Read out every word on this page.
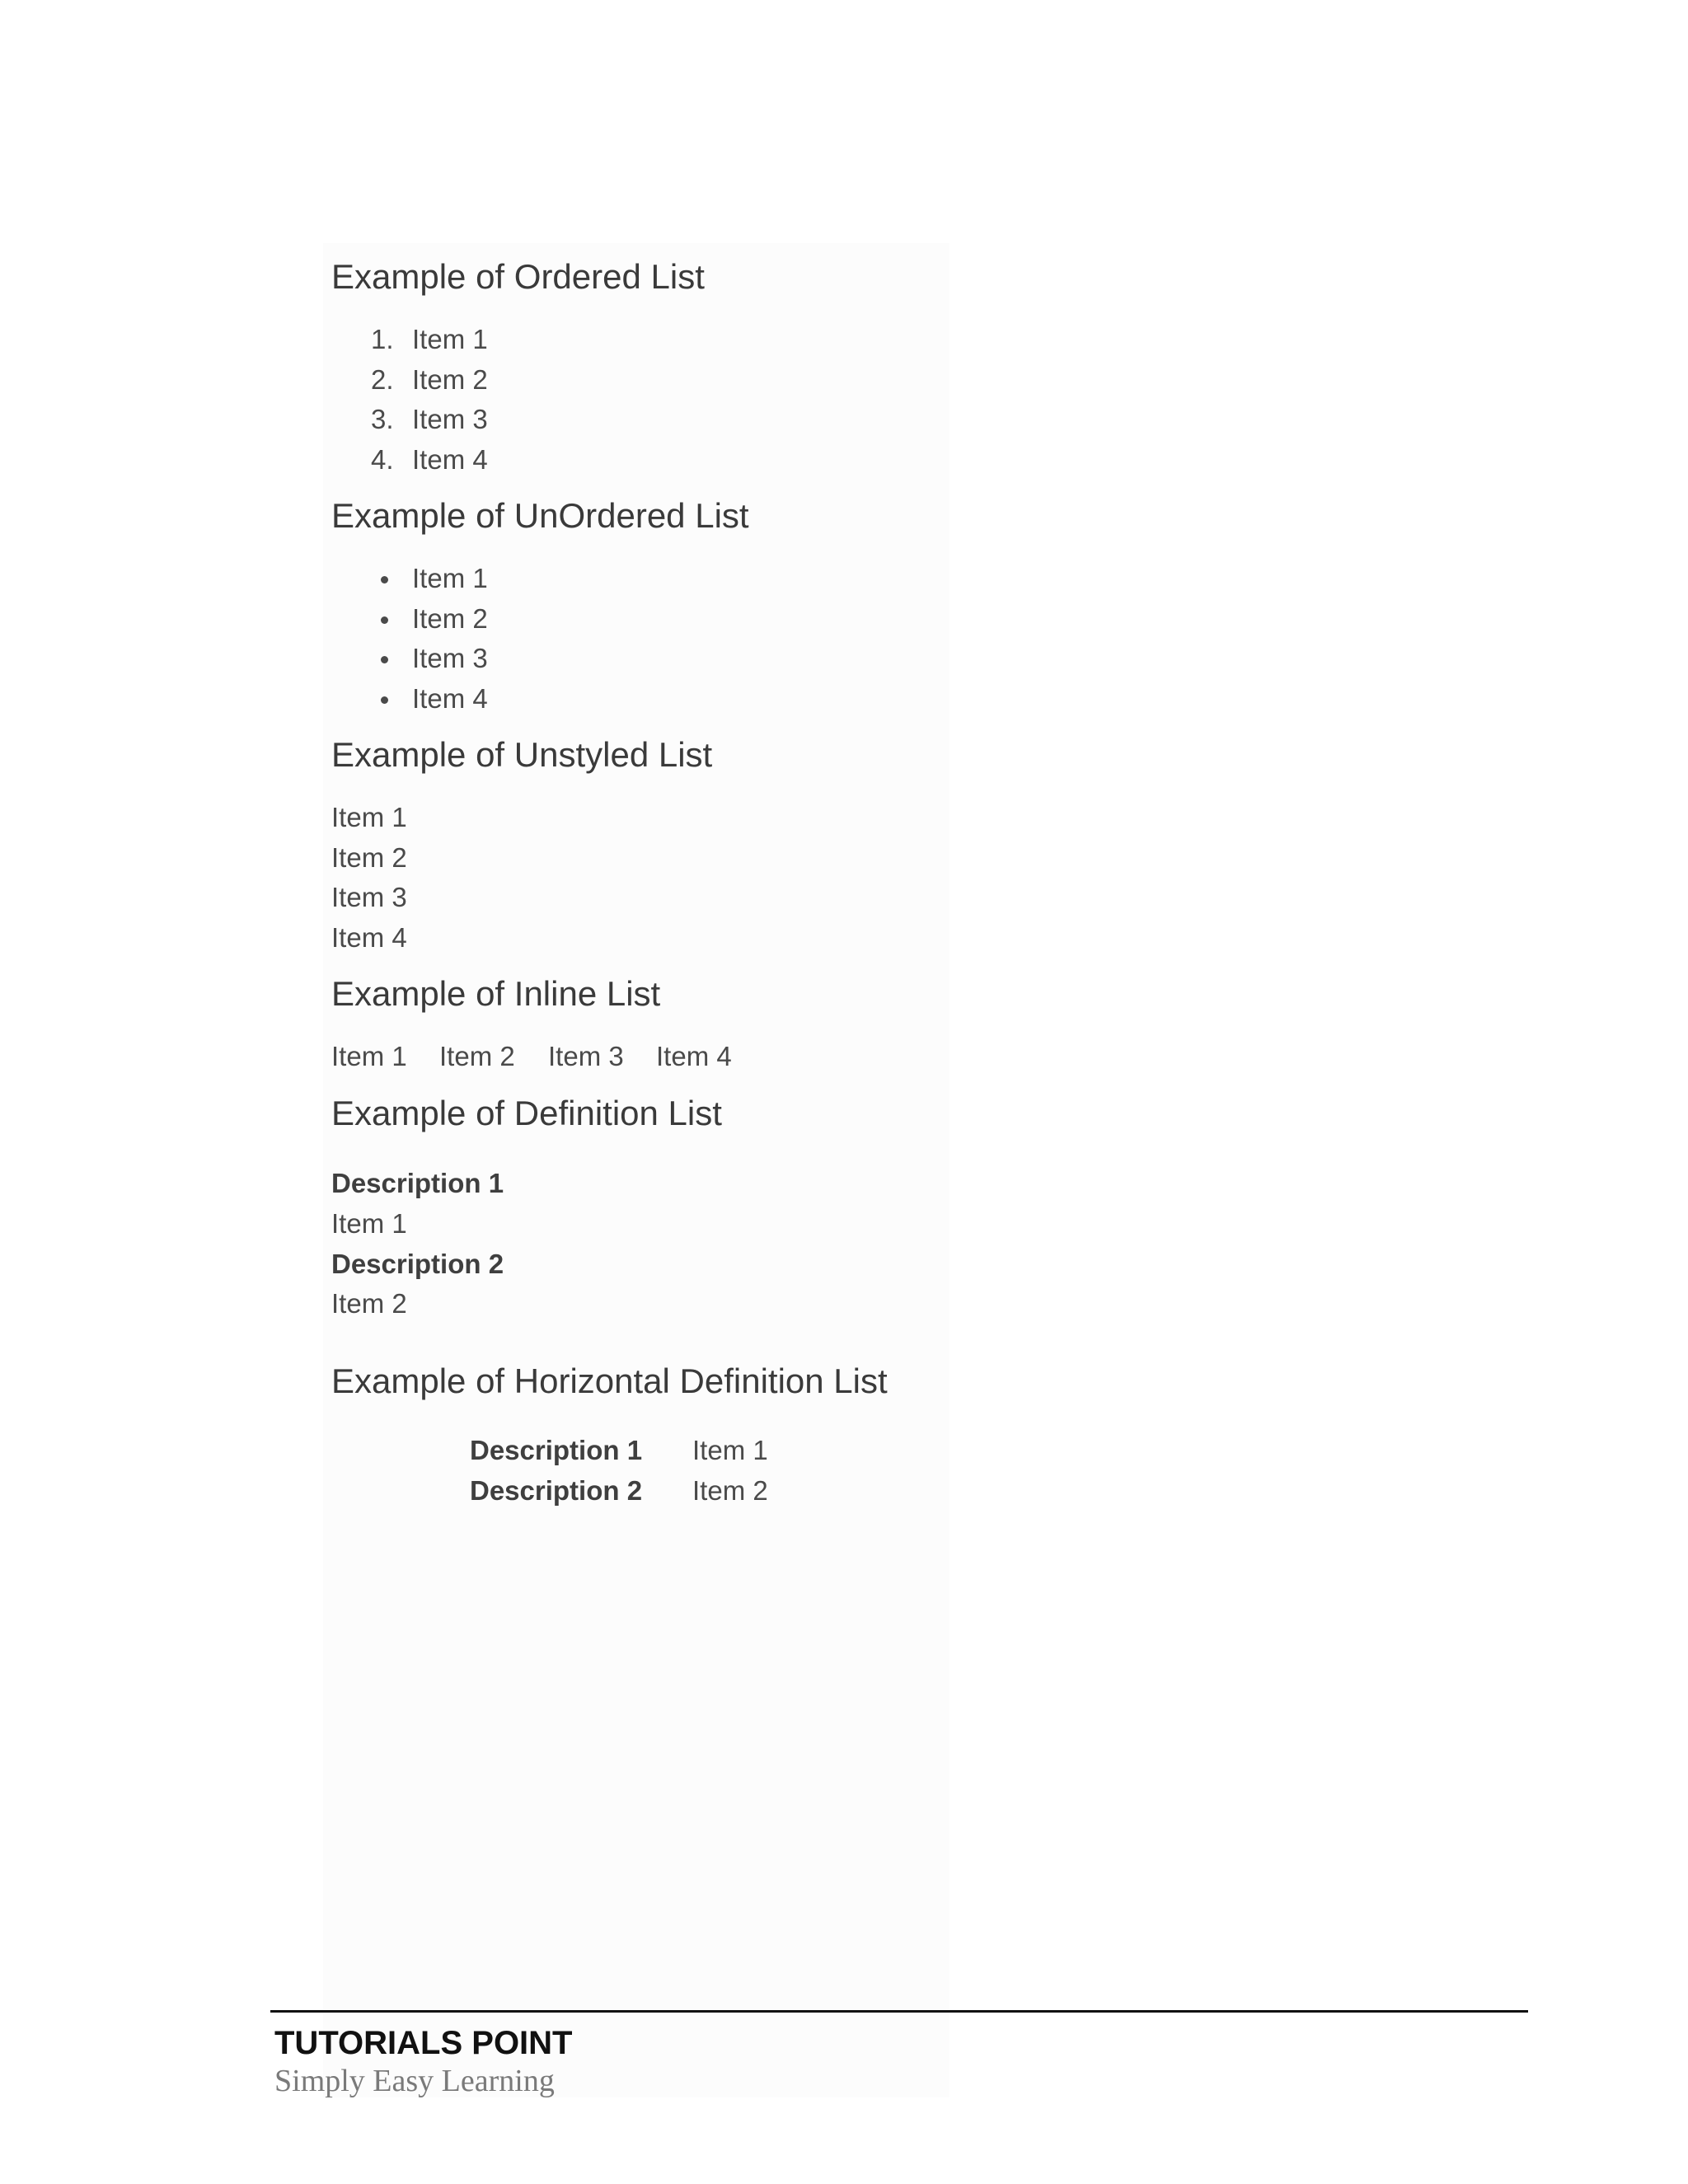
Example of Ordered List
1. Item 1
2. Item 2
3. Item 3
4. Item 4
Example of UnOrdered List
Item 1
Item 2
Item 3
Item 4
Example of Unstyled List
Item 1
Item 2
Item 3
Item 4
Example of Inline List
Item 1 Item 2 Item 3 Item 4
Example of Definition List
Description 1
Item 1
Description 2
Item 2
Example of Horizontal Definition List
Description 1 Item 1
Description 2 Item 2
TUTORIALS POINT
Simply Easy Learning
